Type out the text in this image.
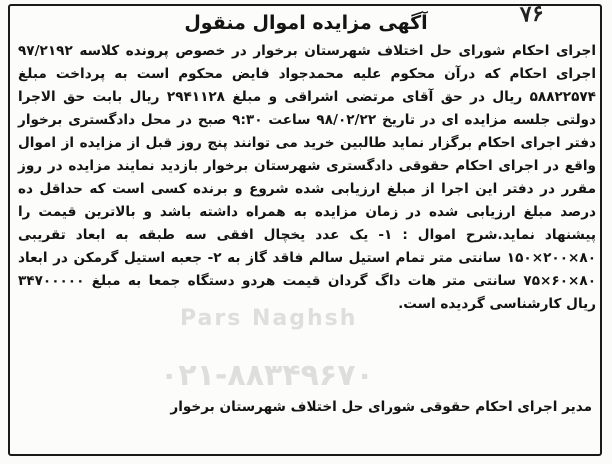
۷۶
آگهی مزایده اموال منقول

اجرای احکام شورای حل اختلاف شهرستان برخوار در خصوص پرونده کلاسه ۹۷/۲۱۹۲ اجرای احکام که درآن محکوم علیه محمدجواد فایض محکوم است به پرداخت مبلغ ۵۸۸۲۲۵۷۴ ریال در حق آقای مرتضی اشراقی و مبلغ ۲۹۴۱۱۲۸ ریال بابت حق الاجرا دولتی جلسه مزایده ای در تاریخ ۹۸/۰۲/۲۲ ساعت ۹:۳۰ صبح در محل دادگستری برخوار دفتر اجرای احکام برگزار نماید طالبین خرید می توانند پنج روز قبل از مزایده از اموال واقع در اجرای احکام حقوقی دادگستری شهرستان برخوار بازدید نمایند مزایده در روز مقرر در دفتر این اجرا از مبلغ ارزیابی شده شروع و برنده کسی است که حداقل ده درصد مبلغ ارزیابی شده در زمان مزایده به همراه داشته باشد و بالاترین قیمت را پیشنهاد نماید.شرح اموال : ۱- یک عدد یخچال افقی سه طبقه به ابعاد تقریبی ۸۰×۲۰۰×۱۵۰ سانتی متر تمام استیل سالم فاقد گاز به ۲- جعبه استیل گرمکن در ابعاد ۸۰×۶۰×۷۵ سانتی متر هات داگ گردان قیمت هردو دستگاه جمعا به مبلغ ۳۴۷۰۰۰۰۰ ریال کارشناسی گردیده است.

Pars Naghsh
۰۲۱-۸۸۳۴۹۶۷۰
مدیر اجرای احکام حقوقی شورای حل اختلاف شهرستان برخوار
